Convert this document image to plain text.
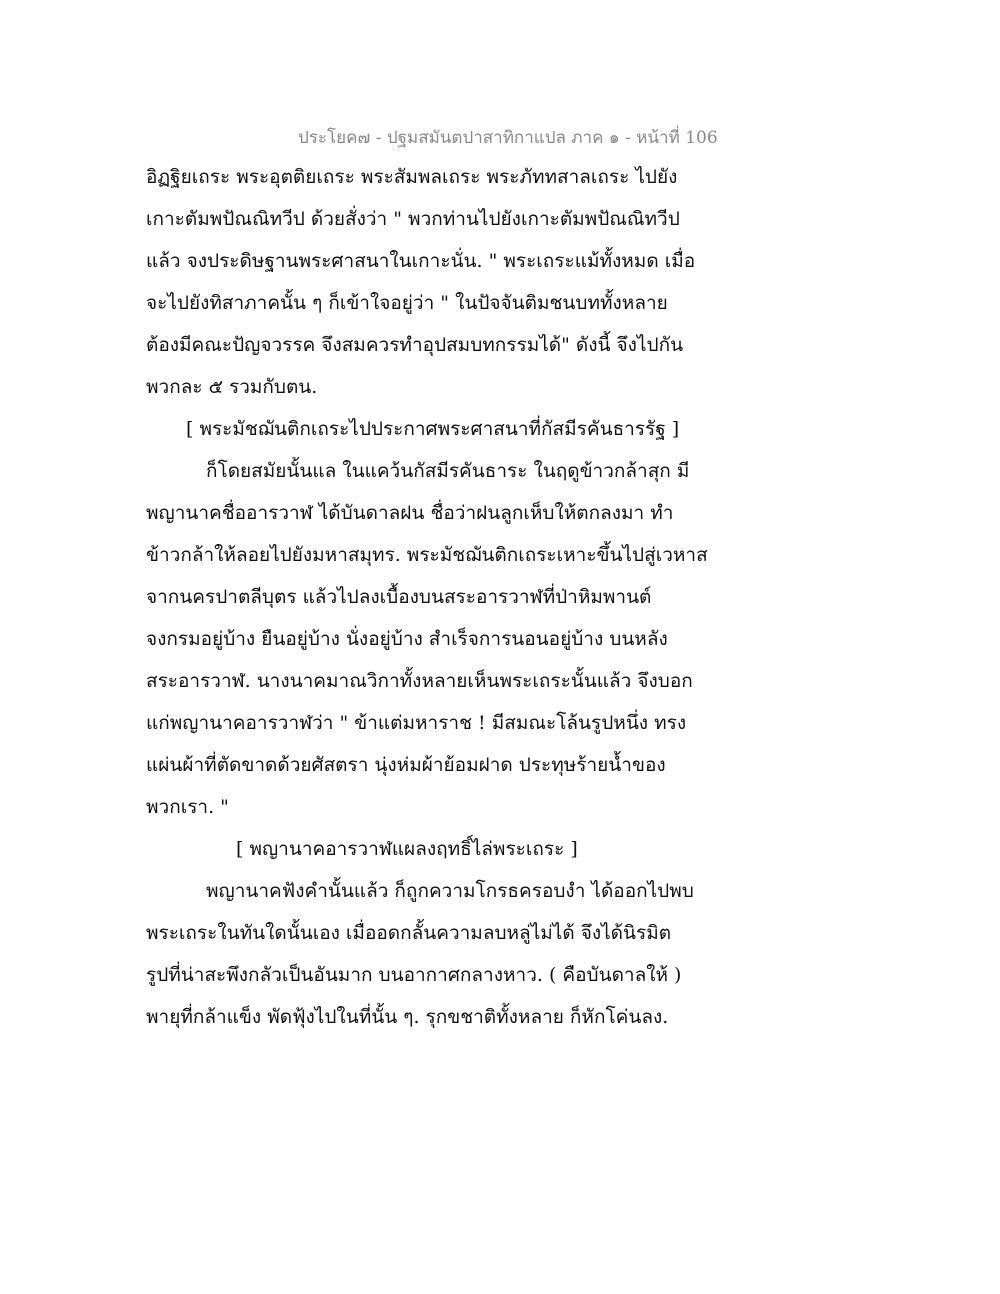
ประโยค๗ - ปฐมสมันตปาสาทิกาแปล ภาค ๑ - หน้าที่ 106
อิฏฐิยเถระ พระอุตติยเถระ พระสัมพลเถระ พระภัททสาลเถระ ไปยัง
เกาะตัมพปัณณิทวีป ด้วยสั่งว่า " พวกท่านไปยังเกาะตัมพปัณณิทวีป
แล้ว จงประดิษฐานพระศาสนาในเกาะนั่น. " พระเถระแม้ทั้งหมด เมื่อ
จะไปยังทิสาภาคนั้น ๆ ก็เข้าใจอยู่ว่า " ในปัจจันติมชนบททั้งหลาย
ต้องมีคณะปัญจวรรค จึงสมควรทำอุปสมบทกรรมได้" ดังนี้ จึงไปกัน
พวกละ ๕ รวมกับตน.
[ พระมัชฌันติกเถระไปประกาศพระศาสนาที่กัสมีรคันธารรัฐ ]
ก็โดยสมัยนั้นแล ในแคว้นกัสมีรคันธาระ ในฤดูข้าวกล้าสุก มี
พญานาคชื่ออารวาฬ ได้บันดาลฝน ชื่อว่าฝนลูกเห็บให้ตกลงมา ทำ
ข้าวกล้าให้ลอยไปยังมหาสมุทร. พระมัชฌันติกเถระเหาะขึ้นไปสู่เวหาส
จากนครปาตลีบุตร แล้วไปลงเบื้องบนสระอารวาฬที่ป่าหิมพานต์
จงกรมอยู่บ้าง ยืนอยู่บ้าง นั่งอยู่บ้าง สำเร็จการนอนอยู่บ้าง บนหลัง
สระอารวาฬ. นางนาคมาณวิกาทั้งหลายเห็นพระเถระนั้นแล้ว จึงบอก
แก่พญานาคอารวาฬว่า " ข้าแต่มหาราช ! มีสมณะโล้นรูปหนึ่ง ทรง
แผ่นผ้าที่ตัดขาดด้วยศัสตรา นุ่งห่มผ้าย้อมฝาด ประทุษร้ายน้ำของ
พวกเรา. "
[ พญานาคอารวาฬแผลงฤทธิ์ไล่พระเถระ ]
พญานาคฟังคำนั้นแล้ว ก็ถูกความโกรธครอบงำ ได้ออกไปพบ
พระเถระในทันใดนั้นเอง เมื่ออดกลั้นความลบหลู่ไม่ได้ จึงได้นิรมิต
รูปที่น่าสะพึงกลัวเป็นอันมาก บนอากาศกลางหาว. ( คือบันดาลให้ )
พายุที่กล้าแข็ง พัดฟุ้งไปในที่นั้น ๆ. รุกขชาติทั้งหลาย ก็หักโค่นลง.
